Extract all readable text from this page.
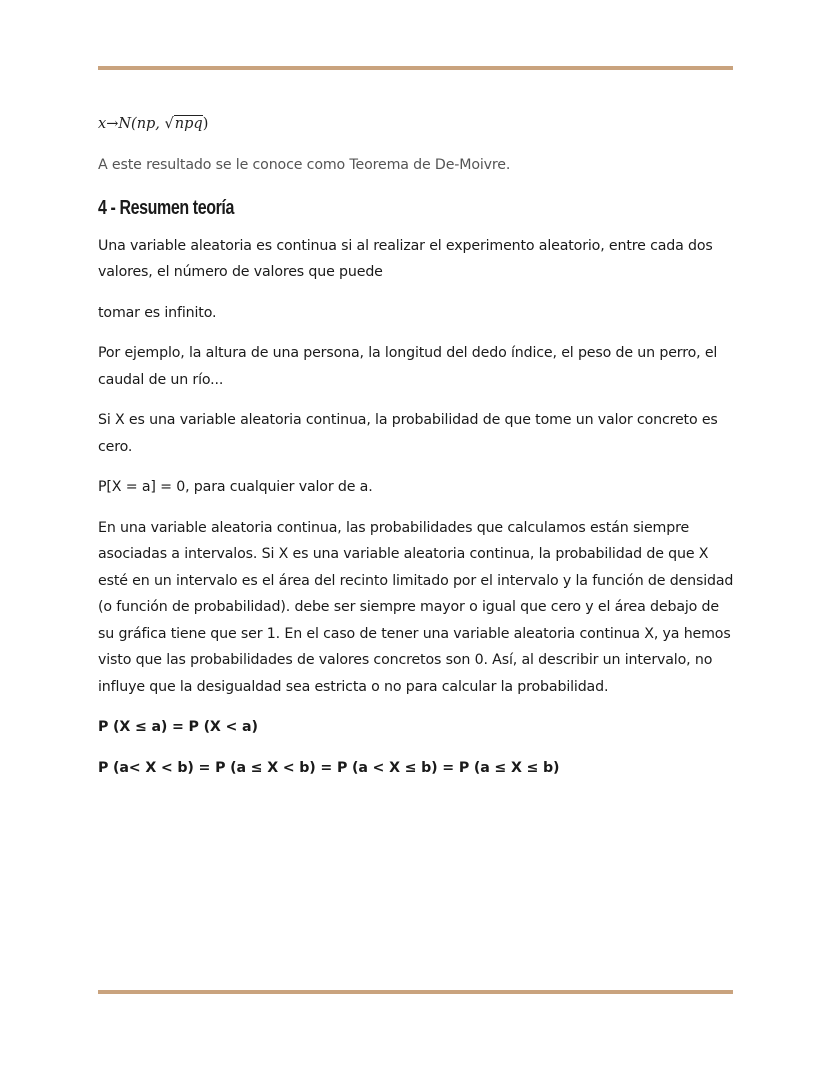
x→N(np, √npq)

A este resultado se le conoce como Teorema de De-Moivre.

4 - Resumen teoría

Una variable aleatoria es continua si al realizar el experimento aleatorio, entre cada dos valores, el número de valores que puede

tomar es infinito.

Por ejemplo, la altura de una persona, la longitud del dedo índice, el peso de un perro, el caudal de un río...

Si X es una variable aleatoria continua, la probabilidad de que tome un valor concreto es cero.

P[X = a] = 0, para cualquier valor de a.

En una variable aleatoria continua, las probabilidades que calculamos están siempre asociadas a intervalos. Si X es una variable aleatoria continua, la probabilidad de que X esté en un intervalo es el área del recinto limitado por el intervalo y la función de densidad (o función de probabilidad). debe ser siempre mayor o igual que cero y el área debajo de su gráfica tiene que ser 1. En el caso de tener una variable aleatoria continua X, ya hemos visto que las probabilidades de valores concretos son 0. Así, al describir un intervalo, no influye que la desigualdad sea estricta o no para calcular la probabilidad.

P (X ≤ a) = P (X < a)

P (a< X < b) = P (a ≤ X < b) = P (a < X ≤ b) = P (a ≤ X ≤ b)
